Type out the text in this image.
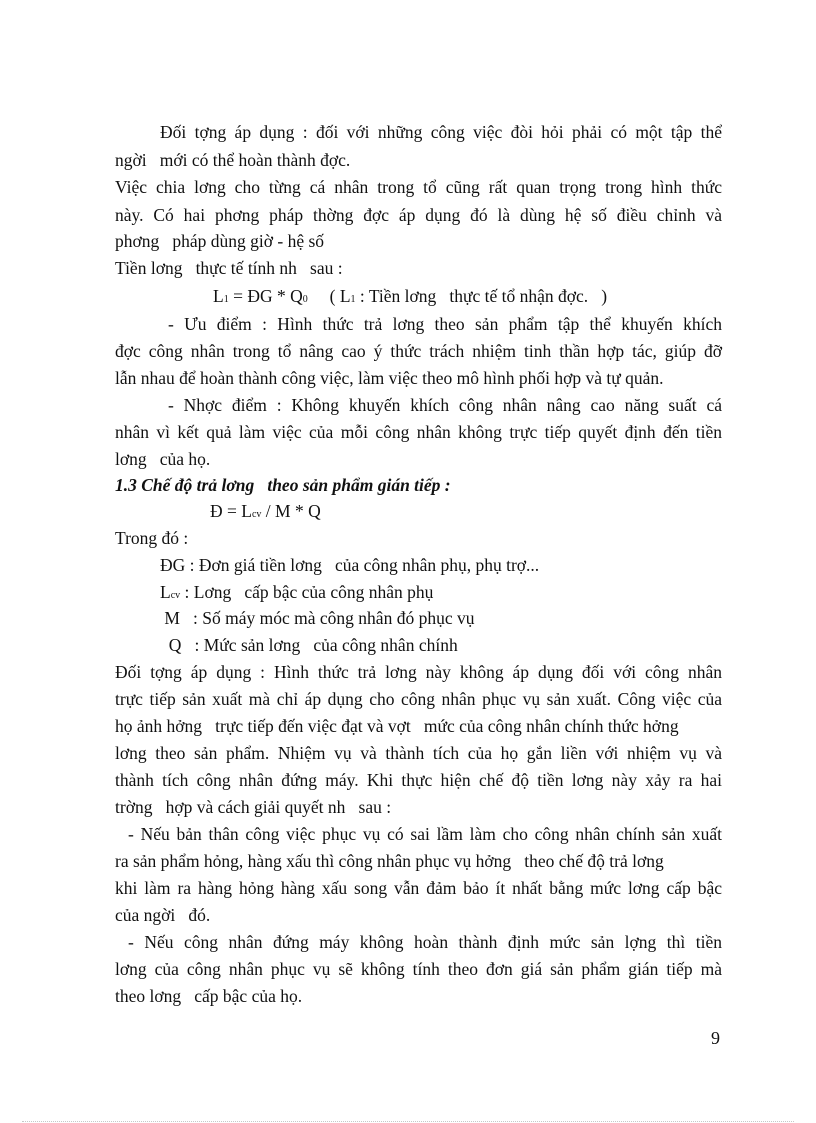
Đối tợng áp dụng : đối với những công việc đòi hỏi phải có một tập thể
ngời   mới có thể hoàn thành đợc.
Việc chia lơng cho từng cá nhân trong tổ cũng rất quan trọng trong hình thức
này. Có hai phơng pháp thờng đợc áp dụng đó là dùng hệ số điều chỉnh và
phơng   pháp dùng giờ - hệ số
Tiền lơng   thực tế tính nh   sau :
L1 = ĐG * Q0     ( L1 : Tiền lơng   thực tế tổ nhận đợc.   )
- Ưu điểm : Hình thức trả lơng theo sản phẩm tập thể khuyến khích
đợc công nhân trong tổ nâng cao ý thức trách nhiệm tinh thần hợp tác, giúp đỡ
lẫn nhau để hoàn thành công việc, làm việc theo mô hình phối hợp và tự quản.
- Nhợc điểm : Không khuyến khích công nhân nâng cao năng suất cá
nhân vì kết quả làm việc của mỗi công nhân không trực tiếp quyết định đến tiền
lơng   của họ.
1.3 Chế độ trả lơng   theo sản phẩm gián tiếp :
Đ = Lcv / M * Q
Trong đó :
ĐG : Đơn giá tiền lơng   của công nhân phụ, phụ trợ...
Lcv : Lơng   cấp bậc của công nhân phụ
M   : Số máy móc mà công nhân đó phục vụ
Q   : Mức sản lơng   của công nhân chính
Đối tợng áp dụng : Hình thức trả lơng này không áp dụng đối với công nhân
trực tiếp sản xuất mà chỉ áp dụng cho công nhân phục vụ sản xuất. Công việc của
họ ảnh hởng   trực tiếp đến việc đạt và vợt   mức của công nhân chính thức hởng
lơng theo sản phẩm. Nhiệm vụ và thành tích của họ gắn liền với nhiệm vụ và
thành tích công nhân đứng máy. Khi thực hiện chế độ tiền lơng này xảy ra hai
trờng   hợp và cách giải quyết nh   sau :
- Nếu bản thân công việc phục vụ có sai lầm làm cho công nhân chính sản xuất
ra sản phẩm hỏng, hàng xấu thì công nhân phục vụ hởng   theo chế độ trả lơng
khi làm ra hàng hỏng hàng xấu song vẫn đảm bảo ít nhất bằng mức lơng cấp bậc
của ngời   đó.
- Nếu công nhân đứng máy không hoàn thành định mức sản lợng thì tiền
lơng của công nhân phục vụ sẽ không tính theo đơn giá sản phẩm gián tiếp mà
theo lơng   cấp bậc của họ.
9
